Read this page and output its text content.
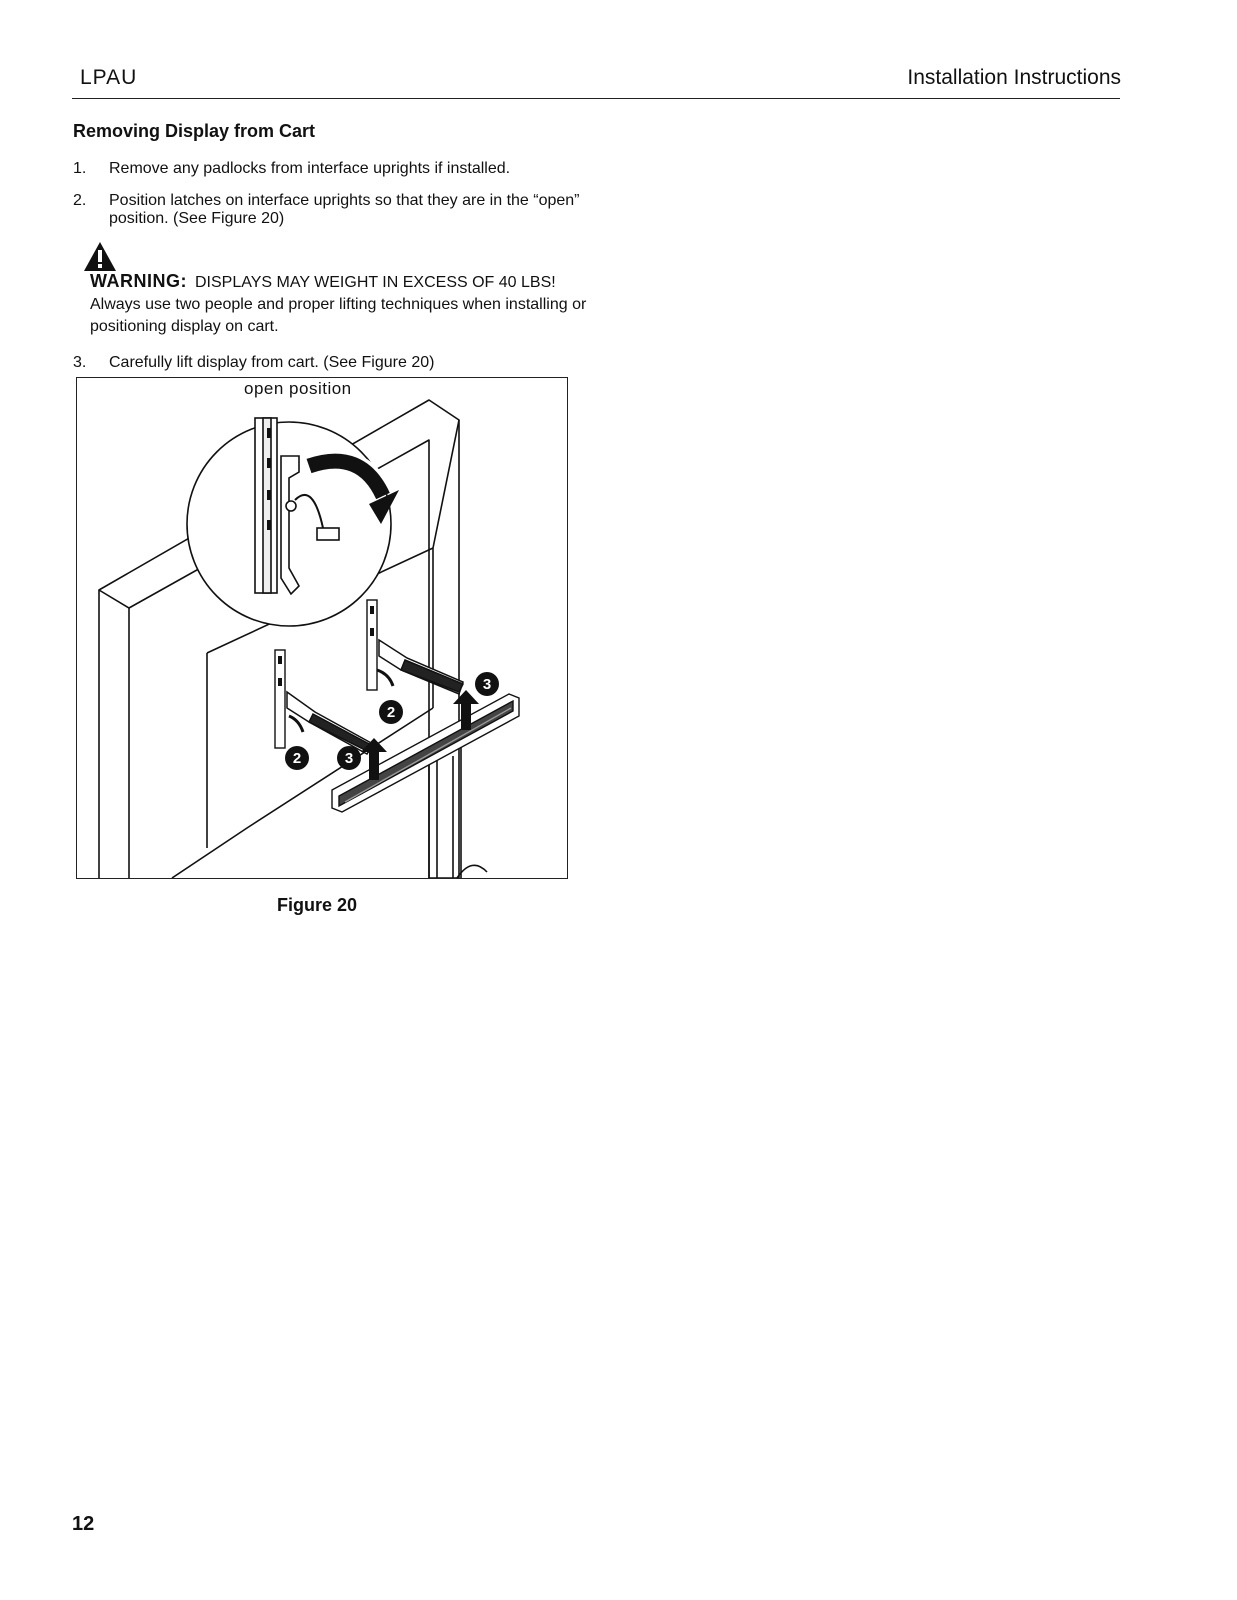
LPAU	Installation Instructions
Removing Display from Cart
1. Remove any padlocks from interface uprights if installed.
2. Position latches on interface uprights so that they are in the “open” position. (See Figure 20)
WARNING: DISPLAYS MAY WEIGHT IN EXCESS OF 40 LBS! Always use two people and proper lifting techniques when installing or positioning display on cart.
3. Carefully lift display from cart. (See Figure 20)
2
2
3
3
open position
Figure 20
12
